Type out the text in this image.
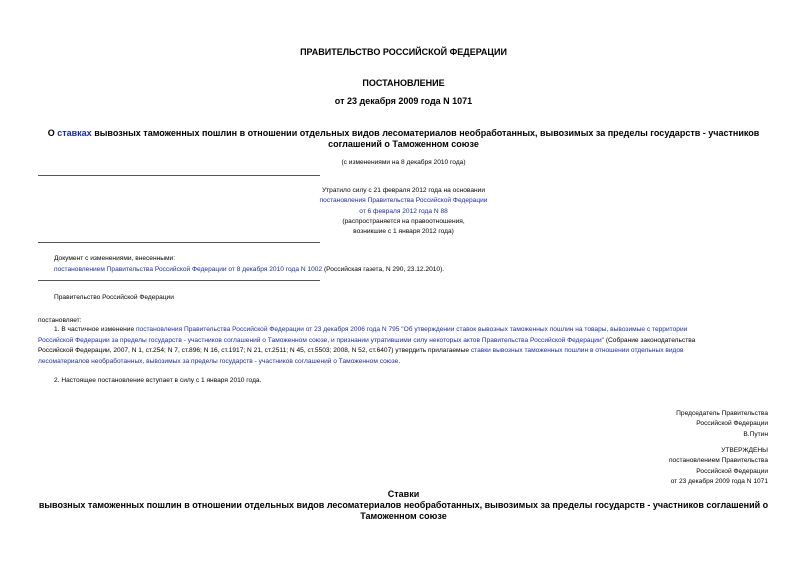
ПРАВИТЕЛЬСТВО РОССИЙСКОЙ ФЕДЕРАЦИИ
ПОСТАНОВЛЕНИЕ
от 23 декабря 2009 года N 1071
О ставках вывозных таможенных пошлин в отношении отдельных видов лесоматериалов необработанных, вывозимых за пределы государств - участников
соглашений о Таможенном союзе
(с изменениями на 8 декабря 2010 года)
Утратило силу с 21 февраля 2012 года на основании
постановления Правительства Российской Федерации
от 6 февраля 2012 года N 88
(распространяется на правоотношения,
возникшие с 1 января 2012 года)
Документ с изменениями, внесенными:
постановлением Правительства Российской Федерации от 8 декабря 2010 года N 1002 (Российская газета, N 290, 23.12.2010).
Правительство Российской Федерации
постановляет:
1. В частичное изменение постановления Правительства Российской Федерации от 23 декабря 2006 года N 795 "Об утверждении ставок вывозных таможенных пошлин на товары, вывозимые с территории
Российской Федерации за пределы государств - участников соглашений о Таможенном союзе, и признании утратившими силу некоторых актов Правительства Российской Федерации" (Собрание законодательства
Российской Федерации, 2007, N 1, ст.254; N 7, ст.896; N 16, ст.1917; N 21, ст.2511; N 45, ст.5503; 2008, N 52, ст.6407) утвердить прилагаемые ставки вывозных таможенных пошлин в отношении отдельных видов
лесоматериалов необработанных, вывозимых за пределы государств - участников соглашений о Таможенном союзе.
2. Настоящее постановление вступает в силу с 1 января 2010 года.
Председатель Правительства
Российской Федерации
В.Путин
УТВЕРЖДЕНЫ
постановлением Правительства
Российской Федерации
от 23 декабря 2009 года N 1071
Ставки
вывозных таможенных пошлин в отношении отдельных видов лесоматериалов необработанных, вывозимых за пределы государств - участников соглашений о
Таможенном союзе
